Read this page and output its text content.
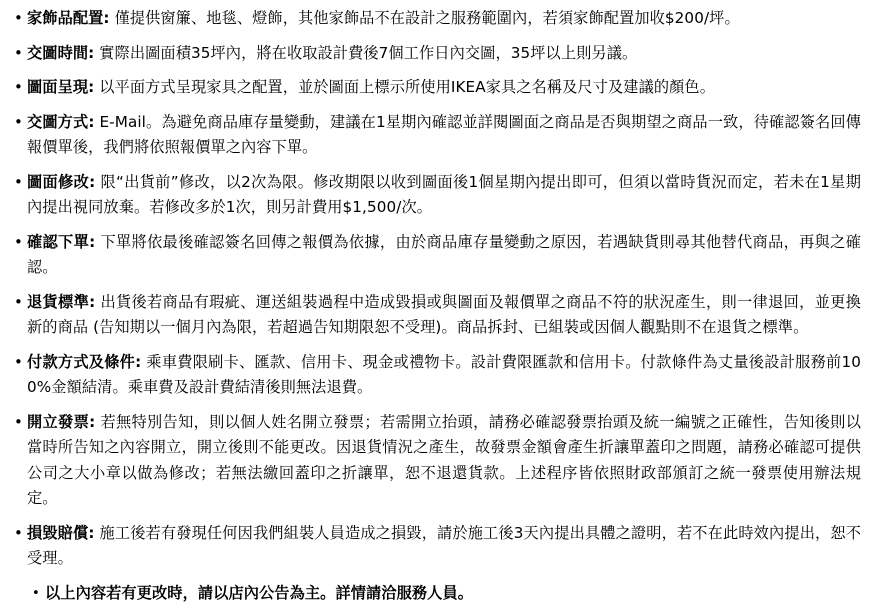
• 家飾品配置: 僅提供窗簾、地毯、燈飾，其他家飾品不在設計之服務範圍內，若須家飾配置加收$200/坪。
• 交圖時間: 實際出圖面積35坪內，將在收取設計費後7個工作日內交圖，35坪以上則另議。
• 圖面呈現: 以平面方式呈現家具之配置，並於圖面上標示所使用IKEA家具之名稱及尺寸及建議的顏色。
• 交圖方式: E-Mail。為避免商品庫存量變動，建議在1星期內確認並詳閱圖面之商品是否與期望之商品一致，待確認簽名回傳報價單後，我們將依照報價單之內容下單。
• 圖面修改: 限“出貨前”修改，以2次為限。修改期限以收到圖面後1個星期內提出即可，但須以當時貨況而定，若未在1星期內提出視同放棄。若修改多於1次，則另計費用$1,500/次。
• 確認下單: 下單將依最後確認簽名回傳之報價為依據，由於商品庫存量變動之原因，若遇缺貨則尋其他替代商品，再與之確認。
• 退貨標準: 出貨後若商品有瑕疵、運送組裝過程中造成毀損或與圖面及報價單之商品不符的狀況產生，則一律退回，並更換新的商品 (告知期以一個月內為限，若超過告知期限恕不受理)。商品拆封、已組裝或因個人觀點則不在退貨之標準。
• 付款方式及條件: 乘車費限刷卡、匯款、信用卡、現金或禮物卡。設計費限匯款和信用卡。付款條件為丈量後設計服務前100%金額結清。乘車費及設計費結清後則無法退費。
• 開立發票: 若無特別告知，則以個人姓名開立發票；若需開立抬頭，請務必確認發票抬頭及統一編號之正確性，告知後則以當時所告知之內容開立，開立後則不能更改。因退貨情況之產生，故發票金額會產生折讓單蓋印之問題，請務必確認可提供公司之大小章以做為修改；若無法繳回蓋印之折讓單，恕不退還貨款。上述程序皆依照財政部頒訂之統一發票使用辦法規定。
• 損毀賠償: 施工後若有發現任何因我們組裝人員造成之損毀，請於施工後3天內提出具體之證明，若不在此時效內提出，恕不受理。
• 以上內容若有更改時，請以店內公告為主。詳情請洽服務人員。
